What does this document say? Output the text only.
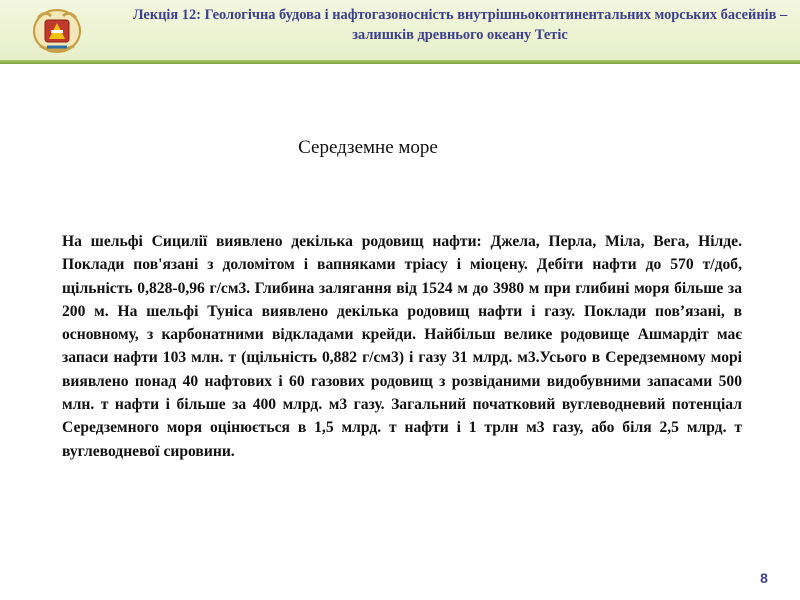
Лекція 12: Геологічна будова і нафтогазоносність внутрішньоконтинентальних морських басейнів – залишків древнього океану Тетіс
Середземне море

На шельфі Сицилії виявлено декілька родовищ нафти: Джела, Перла, Міла, Вега, Нілде. Поклади пов'язані з доломітом і вапняками тріасу і міоцену. Дебіти нафти до 570 т/доб, щільність 0,828-0,96 г/см3. Глибина залягання від 1524 м до 3980 м при глибині моря більше за 200 м. На шельфі Туніса виявлено декілька родовищ нафти і газу. Поклади пов’язані, в основному, з карбонатними відкладами крейди. Найбільш велике родовище Ашмардіт має запаси нафти 103 млн. т (щільність 0,882 г/см3) і газу 31 млрд. м3.Усього в Середземному морі виявлено понад 40 нафтових і 60 газових родовищ з розвіданими видобувними запасами 500 млн. т нафти і більше за 400 млрд. м3 газу. Загальний початковий вуглеводневий потенціал Середземного моря оцінюється в 1,5 млрд. т нафти і 1 трлн м3 газу, або біля 2,5 млрд. т вуглеводневої сировини.

8
